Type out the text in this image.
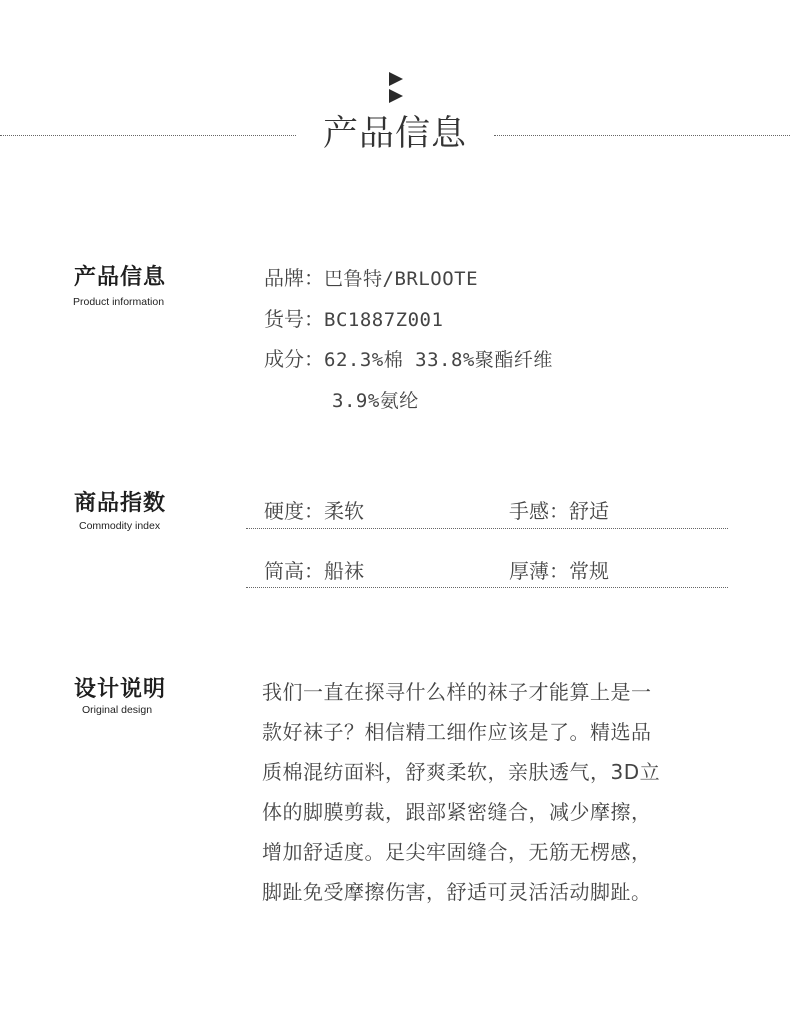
产品信息
产品信息
Product information
品牌：巴鲁特/BRLOOTE
货号：BC1887Z001
成分：62.3%棉 33.8%聚酯纤维
3.9%氨纶
商品指数
Commodity index
硬度：柔软	手感：舒适
筒高：船袜	厚薄：常规
设计说明
Original design
我们一直在探寻什么样的袜子才能算上是一
款好袜子？相信精工细作应该是了。精选品
质棉混纺面料，舒爽柔软，亲肤透气，3D立
体的脚膜剪裁，跟部紧密缝合，减少摩擦，
增加舒适度。足尖牢固缝合，无筋无楞感，
脚趾免受摩擦伤害，舒适可灵活活动脚趾。
